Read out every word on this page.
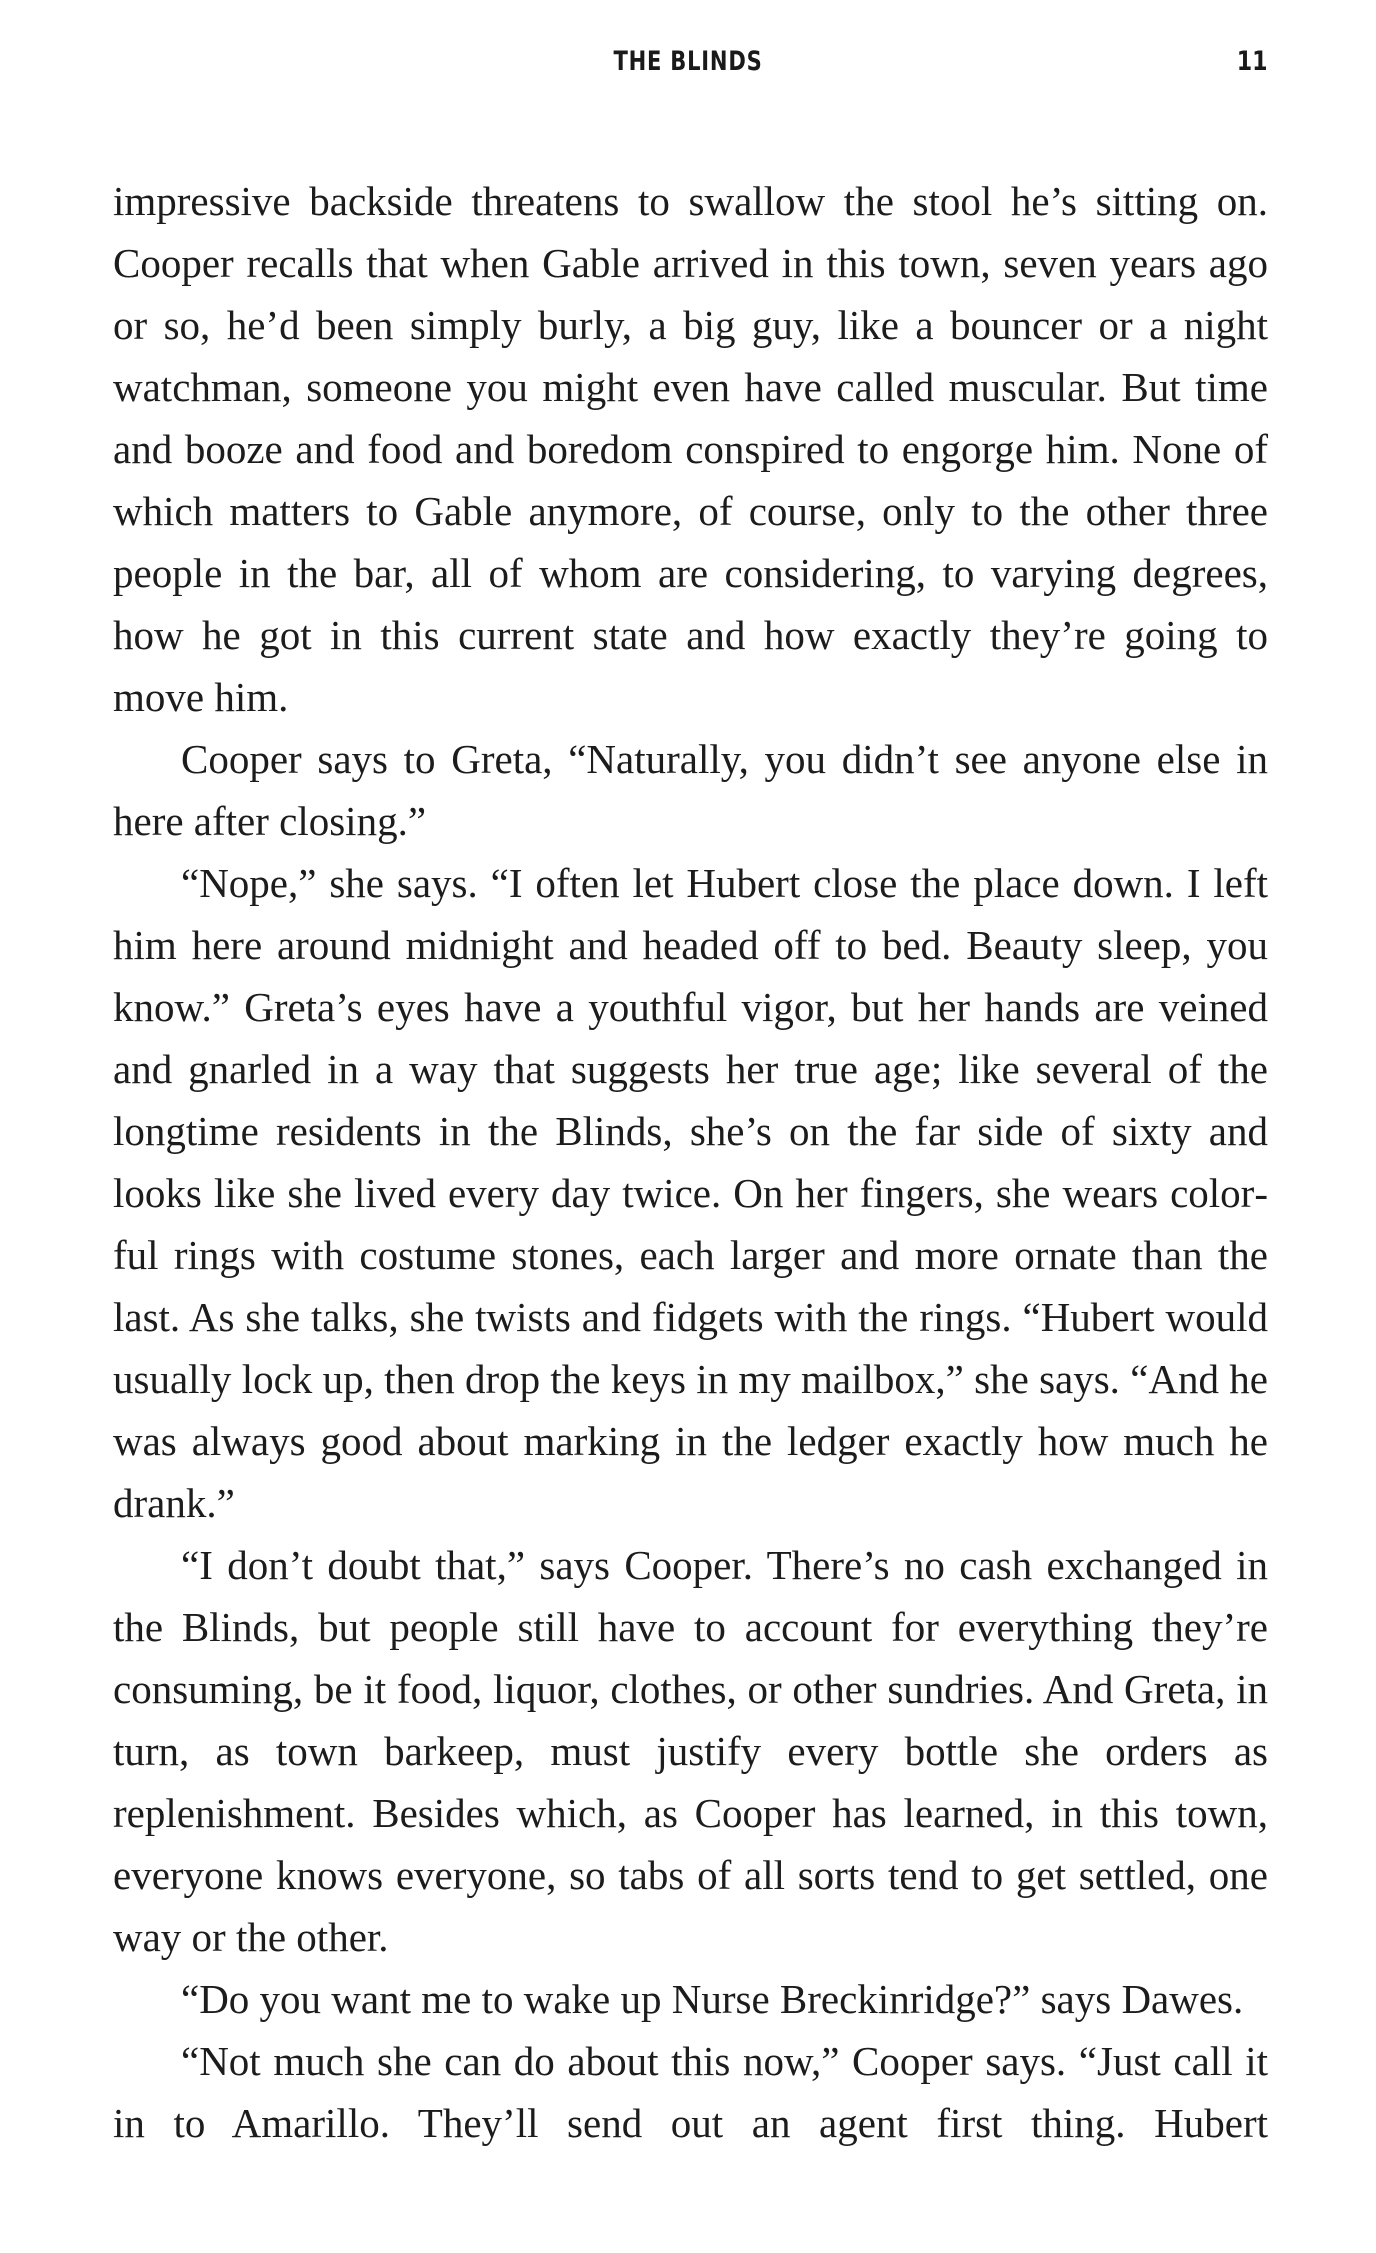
THE BLINDS	11

impressive backside threatens to swallow the stool he’s sitting on. Cooper recalls that when Gable arrived in this town, seven years ago or so, he’d been simply burly, a big guy, like a bouncer or a night watchman, someone you might even have called muscular. But time and booze and food and boredom conspired to engorge him. None of which matters to Gable anymore, of course, only to the other three people in the bar, all of whom are considering, to varying degrees, how he got in this current state and how exactly they’re going to move him.

Cooper says to Greta, “Naturally, you didn’t see anyone else in here after closing.”

“Nope,” she says. “I often let Hubert close the place down. I left him here around midnight and headed off to bed. Beauty sleep, you know.” Greta’s eyes have a youthful vigor, but her hands are veined and gnarled in a way that suggests her true age; like several of the longtime residents in the Blinds, she’s on the far side of sixty and looks like she lived every day twice. On her fingers, she wears colorful rings with costume stones, each larger and more ornate than the last. As she talks, she twists and fidgets with the rings. “Hubert would usually lock up, then drop the keys in my mailbox,” she says. “And he was always good about marking in the ledger exactly how much he drank.”

“I don’t doubt that,” says Cooper. There’s no cash exchanged in the Blinds, but people still have to account for everything they’re consuming, be it food, liquor, clothes, or other sundries. And Greta, in turn, as town barkeep, must justify every bottle she orders as replenishment. Besides which, as Cooper has learned, in this town, everyone knows everyone, so tabs of all sorts tend to get settled, one way or the other.

“Do you want me to wake up Nurse Breckinridge?” says Dawes.

“Not much she can do about this now,” Cooper says. “Just call it in to Amarillo. They’ll send out an agent first thing. Hubert
